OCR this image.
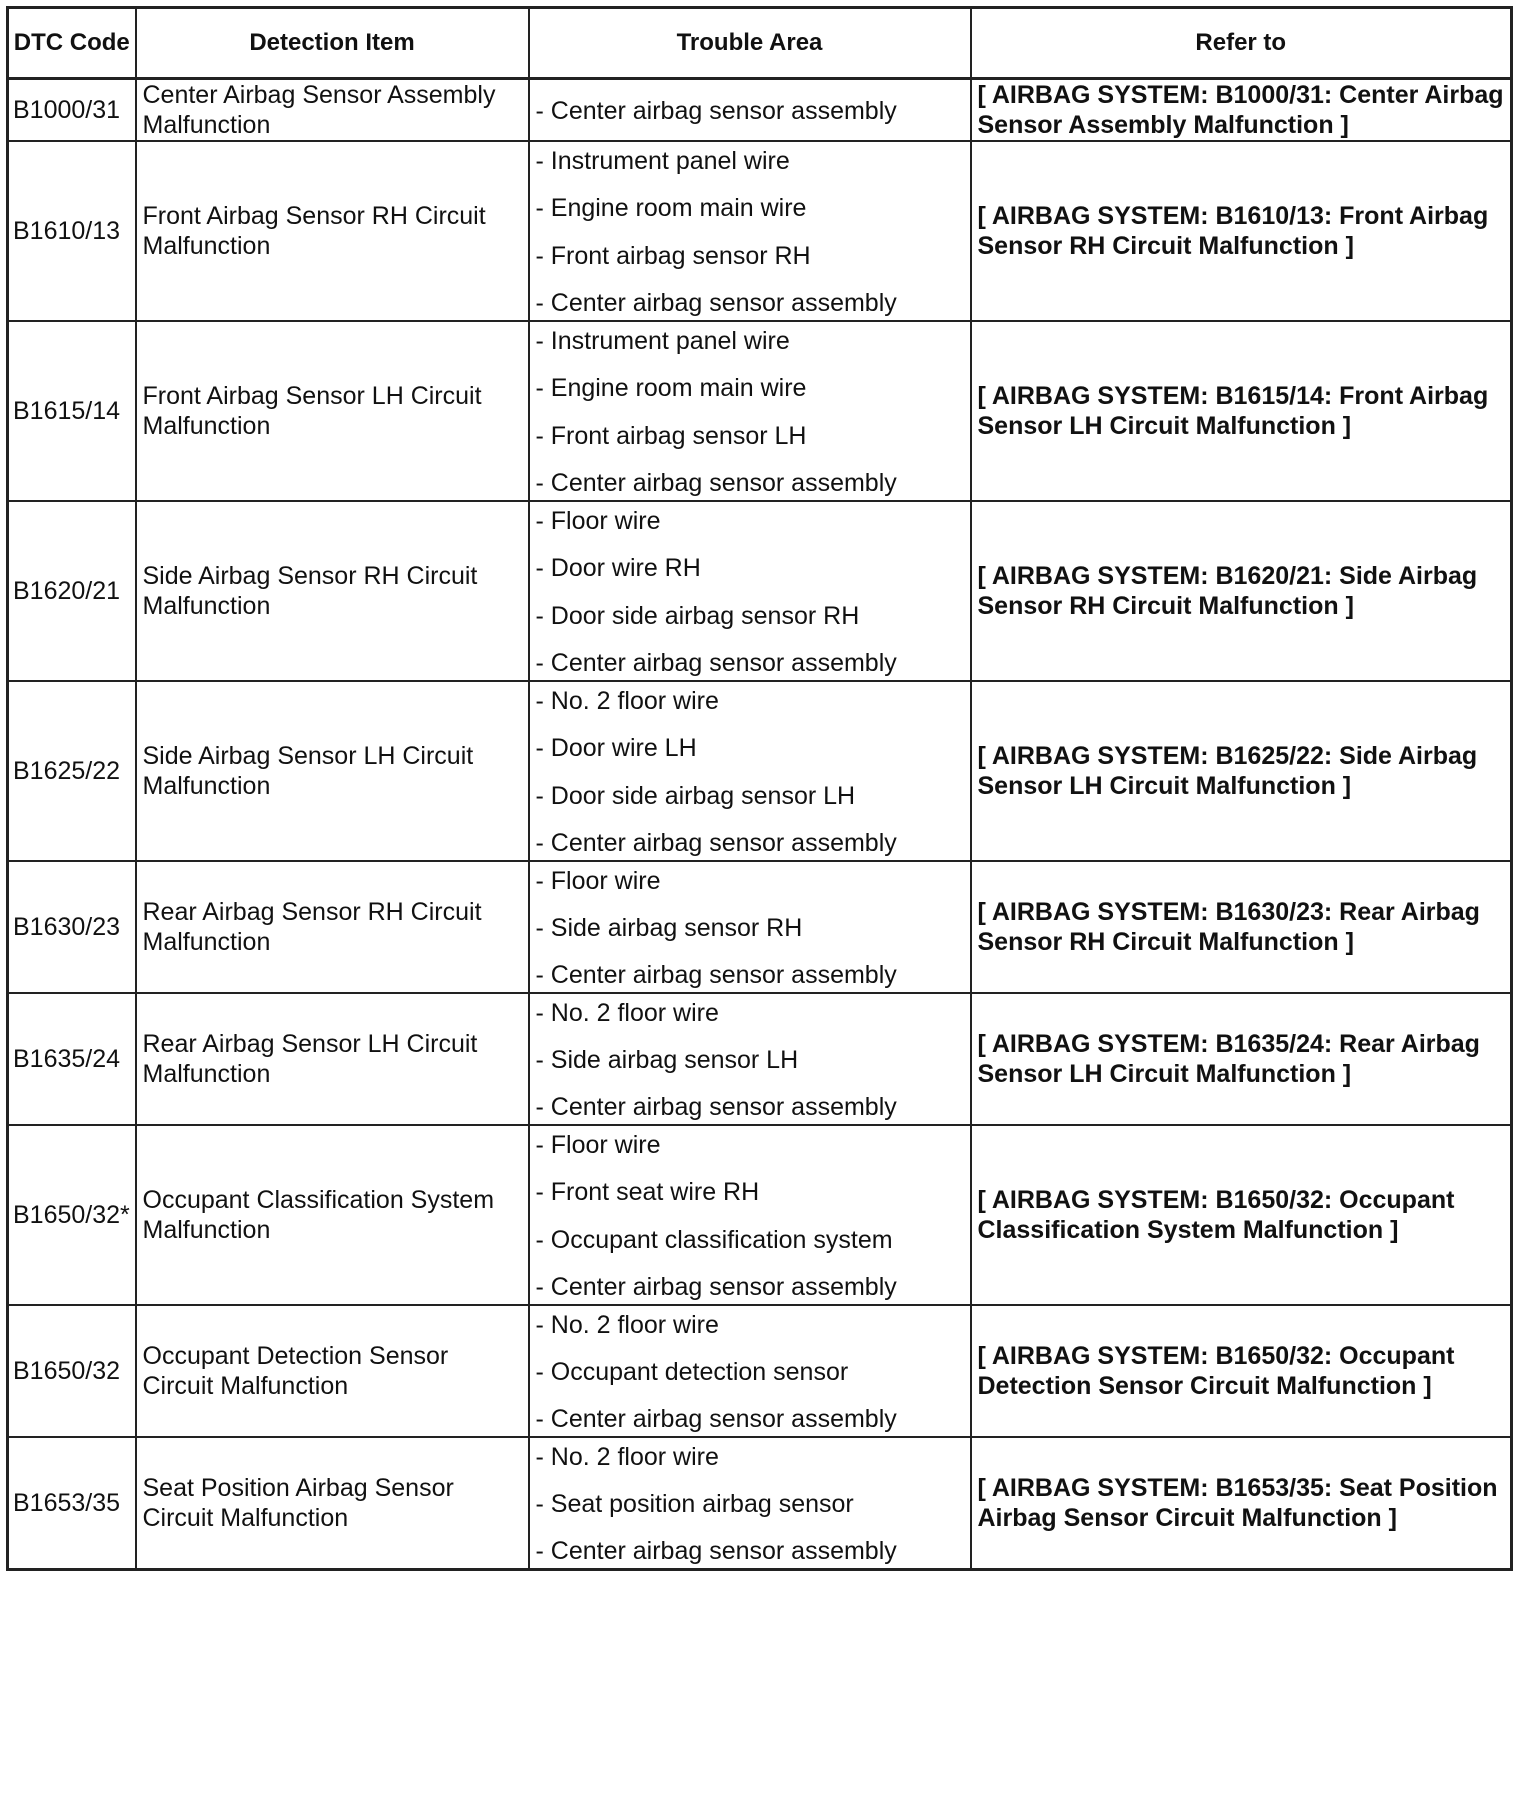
DTC Code	Detection Item	Trouble Area	Refer to
B1000/31	Center Airbag Sensor Assembly Malfunction	- Center airbag sensor assembly	[ AIRBAG SYSTEM: B1000/31: Center Airbag Sensor Assembly Malfunction ]
B1610/13	Front Airbag Sensor RH Circuit Malfunction	- Instrument panel wire
- Engine room main wire
- Front airbag sensor RH
- Center airbag sensor assembly	[ AIRBAG SYSTEM: B1610/13: Front Airbag Sensor RH Circuit Malfunction ]
B1615/14	Front Airbag Sensor LH Circuit Malfunction	- Instrument panel wire
- Engine room main wire
- Front airbag sensor LH
- Center airbag sensor assembly	[ AIRBAG SYSTEM: B1615/14: Front Airbag Sensor LH Circuit Malfunction ]
B1620/21	Side Airbag Sensor RH Circuit Malfunction	- Floor wire
- Door wire RH
- Door side airbag sensor RH
- Center airbag sensor assembly	[ AIRBAG SYSTEM: B1620/21: Side Airbag Sensor RH Circuit Malfunction ]
B1625/22	Side Airbag Sensor LH Circuit Malfunction	- No. 2 floor wire
- Door wire LH
- Door side airbag sensor LH
- Center airbag sensor assembly	[ AIRBAG SYSTEM: B1625/22: Side Airbag Sensor LH Circuit Malfunction ]
B1630/23	Rear Airbag Sensor RH Circuit Malfunction	- Floor wire
- Side airbag sensor RH
- Center airbag sensor assembly	[ AIRBAG SYSTEM: B1630/23: Rear Airbag Sensor RH Circuit Malfunction ]
B1635/24	Rear Airbag Sensor LH Circuit Malfunction	- No. 2 floor wire
- Side airbag sensor LH
- Center airbag sensor assembly	[ AIRBAG SYSTEM: B1635/24: Rear Airbag Sensor LH Circuit Malfunction ]
B1650/32*	Occupant Classification System Malfunction	- Floor wire
- Front seat wire RH
- Occupant classification system
- Center airbag sensor assembly	[ AIRBAG SYSTEM: B1650/32: Occupant Classification System Malfunction ]
B1650/32	Occupant Detection Sensor Circuit Malfunction	- No. 2 floor wire
- Occupant detection sensor
- Center airbag sensor assembly	[ AIRBAG SYSTEM: B1650/32: Occupant Detection Sensor Circuit Malfunction ]
B1653/35	Seat Position Airbag Sensor Circuit Malfunction	- No. 2 floor wire
- Seat position airbag sensor
- Center airbag sensor assembly	[ AIRBAG SYSTEM: B1653/35: Seat Position Airbag Sensor Circuit Malfunction ]
